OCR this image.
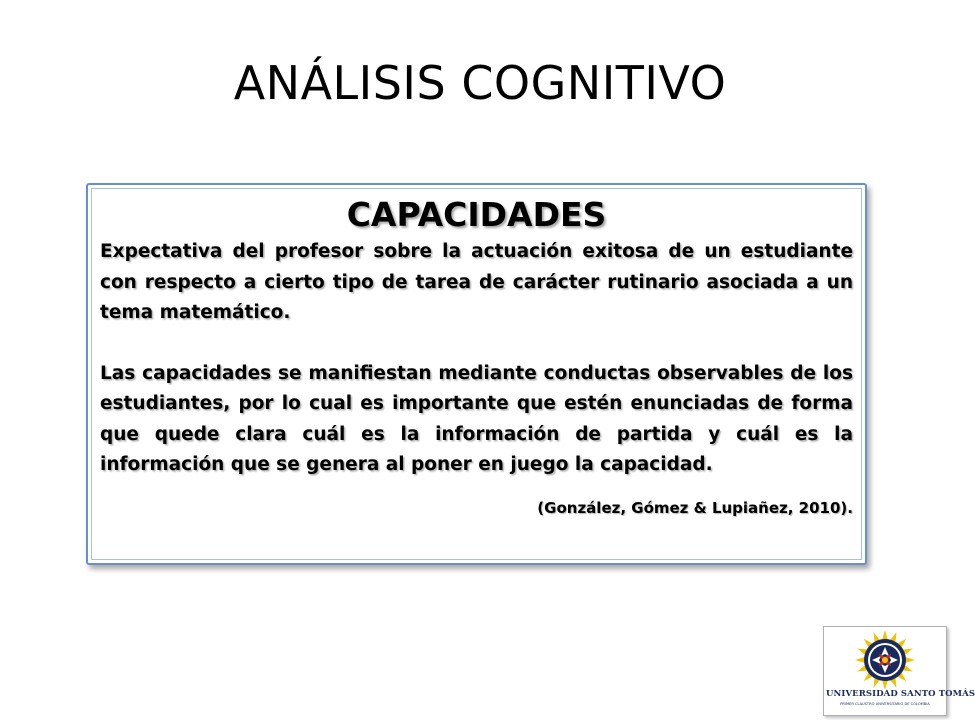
ANÁLISIS COGNITIVO
CAPACIDADES

Expectativa del profesor sobre la actuación exitosa de un estudiante con respecto a cierto tipo de tarea de carácter rutinario asociada a un tema matemático.

Las capacidades se manifiestan mediante conductas observables de los estudiantes, por lo cual es importante que estén enunciadas de forma que quede clara cuál es la información de partida y cuál es la información que se genera al poner en juego la capacidad.

(González, Gómez & Lupiañez, 2010).
UNIVERSIDAD SANTO TOMÁS
PRIMER CLAUSTRO UNIVERSITARIO DE COLOMBIA
